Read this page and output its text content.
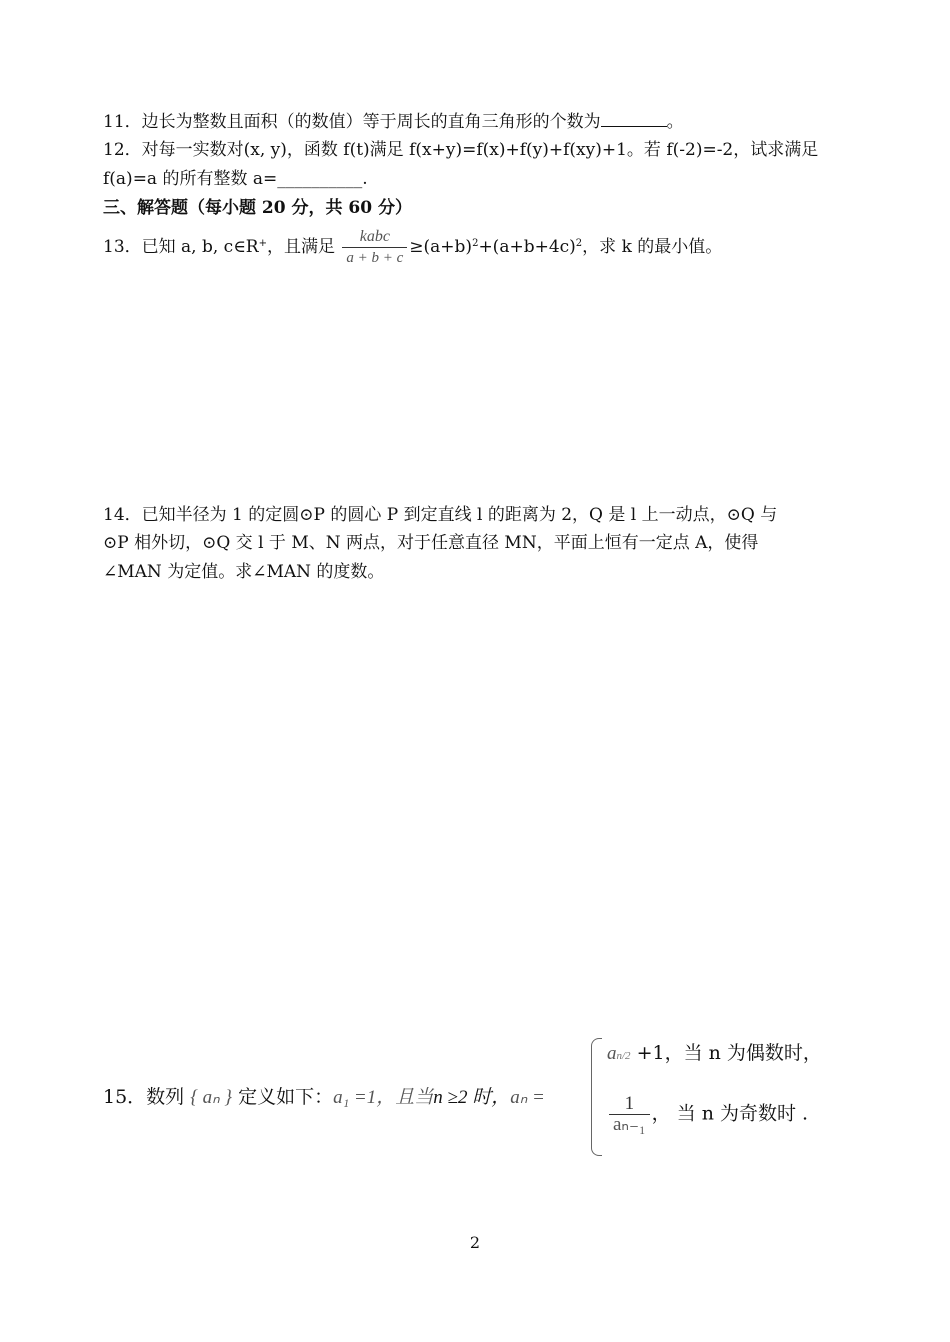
11．边长为整数且面积（的数值）等于周长的直角三角形的个数为	。
12．对每一实数对(x, y)，函数 f(t)满足 f(x+y)=f(x)+f(y)+f(xy)+1。若 f(-2)=-2，试求满足
f(a)=a 的所有整数 a=__________.
三、解答题（每小题 20 分，共 60 分）
13．已知 a, b, c∈R+，且满足 $\frac{\text{kabc}}{a + b + c} \ge(a+b)^2+(a+b+4c)^2$，求 k 的最小值。
14．已知半径为 1 的定圆⊙P 的圆心 P 到定直线 l 的距离为 2，Q 是 l 上一动点，⊙Q 与
⊙P 相外切，⊙Q 交 l 于 M、N 两点，对于任意直径 MN，平面上恒有一定点 A，使得
∠MAN 为定值。求∠MAN 的度数。
15．数列 { aₙ } 定义如下：a₁ =1，且当n ≥2 时，aₙ =
an/2 +1，当 n 为偶数时，
$\frac{1}{\text{aₙ₋₁}}$ ， 当 n 为奇数时 .
2
